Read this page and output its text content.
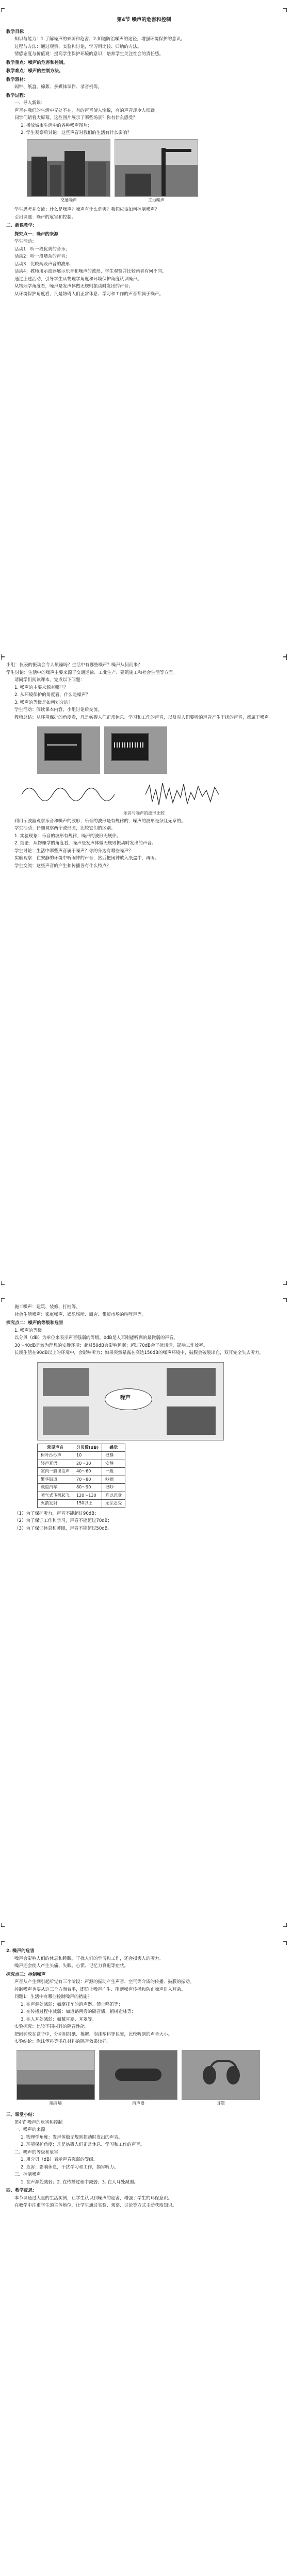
第4节 噪声的危害和控制
教学目标
知识与能力：1.了解噪声的来源和危害；2.知道防治噪声的途径，增强环境保护的意识。
过程与方法：通过观察、实验和讨论，学习用比较、归纳的方法。
情感态度与价值观：提高学生保护环境的意识，培养学生关注社会的责任感。
教学重点：噪声的危害和控制。
教学难点：噪声的控制方法。
教学器材：
闹钟、纸盒、棉絮、多媒体课件、录音机等。
教学过程：
一、导入新课：
声音在我们的生活中无处不在，有的声音使人愉悦，有的声音却令人烦躁。
同学们请看大屏幕，这些图片展示了哪些场景？你有什么感受？
1. 播放城市生活中的各种噪声图片；
2. 学生观察后讨论：这些声音对我们的生活有什么影响？
交通噪声	工地噪声
学生思考并交流：什么是噪声？噪声有什么危害？我们应该如何控制噪声？
引出课题：噪声的危害和控制。
二、新课教学：
探究点一：噪声的来源
学生活动：
活动1：听一段优美的音乐；
活动2：听一段嘈杂的声音；
活动3：比较两段声音的波形；
活动4：教师用示波器展示乐音和噪声的波形，学生观察并比较两者有何不同。
通过上述活动，引导学生从物理学角度和环境保护角度认识噪声。
从物理学角度看，噪声是发声体做无规则振动时发出的声音；
从环境保护角度看，凡是妨碍人们正常休息、学习和工作的声音都属于噪声。
小组：仪表的振动会令人烦躁吗？生活中有哪些噪声？噪声从何而来？
学生讨论：生活中的噪声主要来源于交通运输、工业生产、建筑施工和社会生活等方面。
请同学们阅读课本，完成以下问题：
1. 噪声的主要来源有哪些？
2. 从环境保护的角度看，什么是噪声？
3. 噪声的等级是如何划分的？
学生活动：阅读课本内容，小组讨论后交流。
教师总结：从环境保护的角度看，凡是妨碍人们正常休息、学习和工作的声音，以及对人们要听的声音产生干扰的声音，都属于噪声。
乐音与噪声的波形比较
利用示波器观察乐音和噪声的波形，乐音的波形是有规律的，噪声的波形是杂乱无章的。
学生活动：仔细观察两个波形图，比较它们的区别。
1. 实验现象：乐音的波形有规律，噪声的波形无规律。
2. 结论：从物理学的角度看，噪声是发声体做无规则振动时发出的声音。
学生讨论：生活中哪些声音属于噪声？你的身边有哪些噪声？
实验观察：在安静的环境中听闹钟的声音，然后把闹钟放入纸盒中，再听。
学生交流：这些声音的产生和传播各有什么特点？
施工噪声：建筑、装修、打桩等。
社会生活噪声：家庭噪声、娱乐场所、商店、集贸市场的喧哗声等。
探究点二：噪声的等级和危害
1. 噪声的等级
以分贝（dB）为单位来表示声音强弱的等级。0dB是人耳刚能听到的最微弱的声音。
30～40dB是较为理想的安静环境；超过50dB会影响睡眠；超过70dB会干扰谈话，影响工作效率。
长期生活在90dB以上的环境中，会影响听力；如果突然暴露在高达150dB的噪声环境中，鼓膜会破裂出血，双耳完全失去听力。
噪声
常见声音	分贝数(dB)	感觉
树叶沙沙声	10	很静
轻声耳语	20～30	安静
室内一般谈话声	40～60	一般
繁华街道	70～80	吵闹
载重汽车	80～90	很吵
喷气式飞机起飞	120～130	难以忍受
火箭发射	150以上	无法忍受
（1）为了保护听力，声音不能超过90dB；
（2）为了保证工作和学习，声音不能超过70dB；
（3）为了保证休息和睡眠，声音不能超过50dB。
2. 噪声的危害
噪声会影响人们的休息和睡眠，干扰人们的学习和工作，还会损害人的听力。
噪声还会使人产生头痛、失眠、心慌、记忆力衰退等症状。
探究点三：控制噪声
声音从产生到引起听觉有三个阶段：声源的振动产生声音、空气等介质的传播、鼓膜的振动。
控制噪声也要从这三个方面着手，即防止噪声产生、阻断噪声传播和防止噪声进入耳朵。
问题1：生活中有哪些控制噪声的措施？
1. 在声源处减弱：如摩托车的消声器、禁止鸣笛等；
2. 在传播过程中减弱：如道路两旁的隔音墙、植树造林等；
3. 在人耳处减弱：如戴耳塞、耳罩等。
实验探究：比较不同材料的隔音性能。
把闹钟放在盒子中，分别用报纸、棉絮、泡沫塑料等包裹，比较听到的声音大小。
实验结论：泡沫塑料等多孔材料的隔音效果较好。
隔音墙	消声器	耳罩
三、课堂小结：
第4节 噪声的危害和控制
一、噪声的来源
1. 物理学角度：发声体做无规则振动时发出的声音。
2. 环境保护角度：凡是妨碍人们正常休息、学习和工作的声音。
二、噪声的等级和危害
1. 用分贝（dB）表示声音强弱的等级。
2. 危害：影响休息，干扰学习和工作，损害听力。
三、控制噪声
1. 在声源处减弱；2. 在传播过程中减弱；3. 在人耳处减弱。
四、教学反思：
本节课通过大量的生活实例，让学生认识到噪声的危害，增强了学生的环保意识。
在教学中注重学生的主体地位，让学生通过实验、观察、讨论等方式主动获取知识。
